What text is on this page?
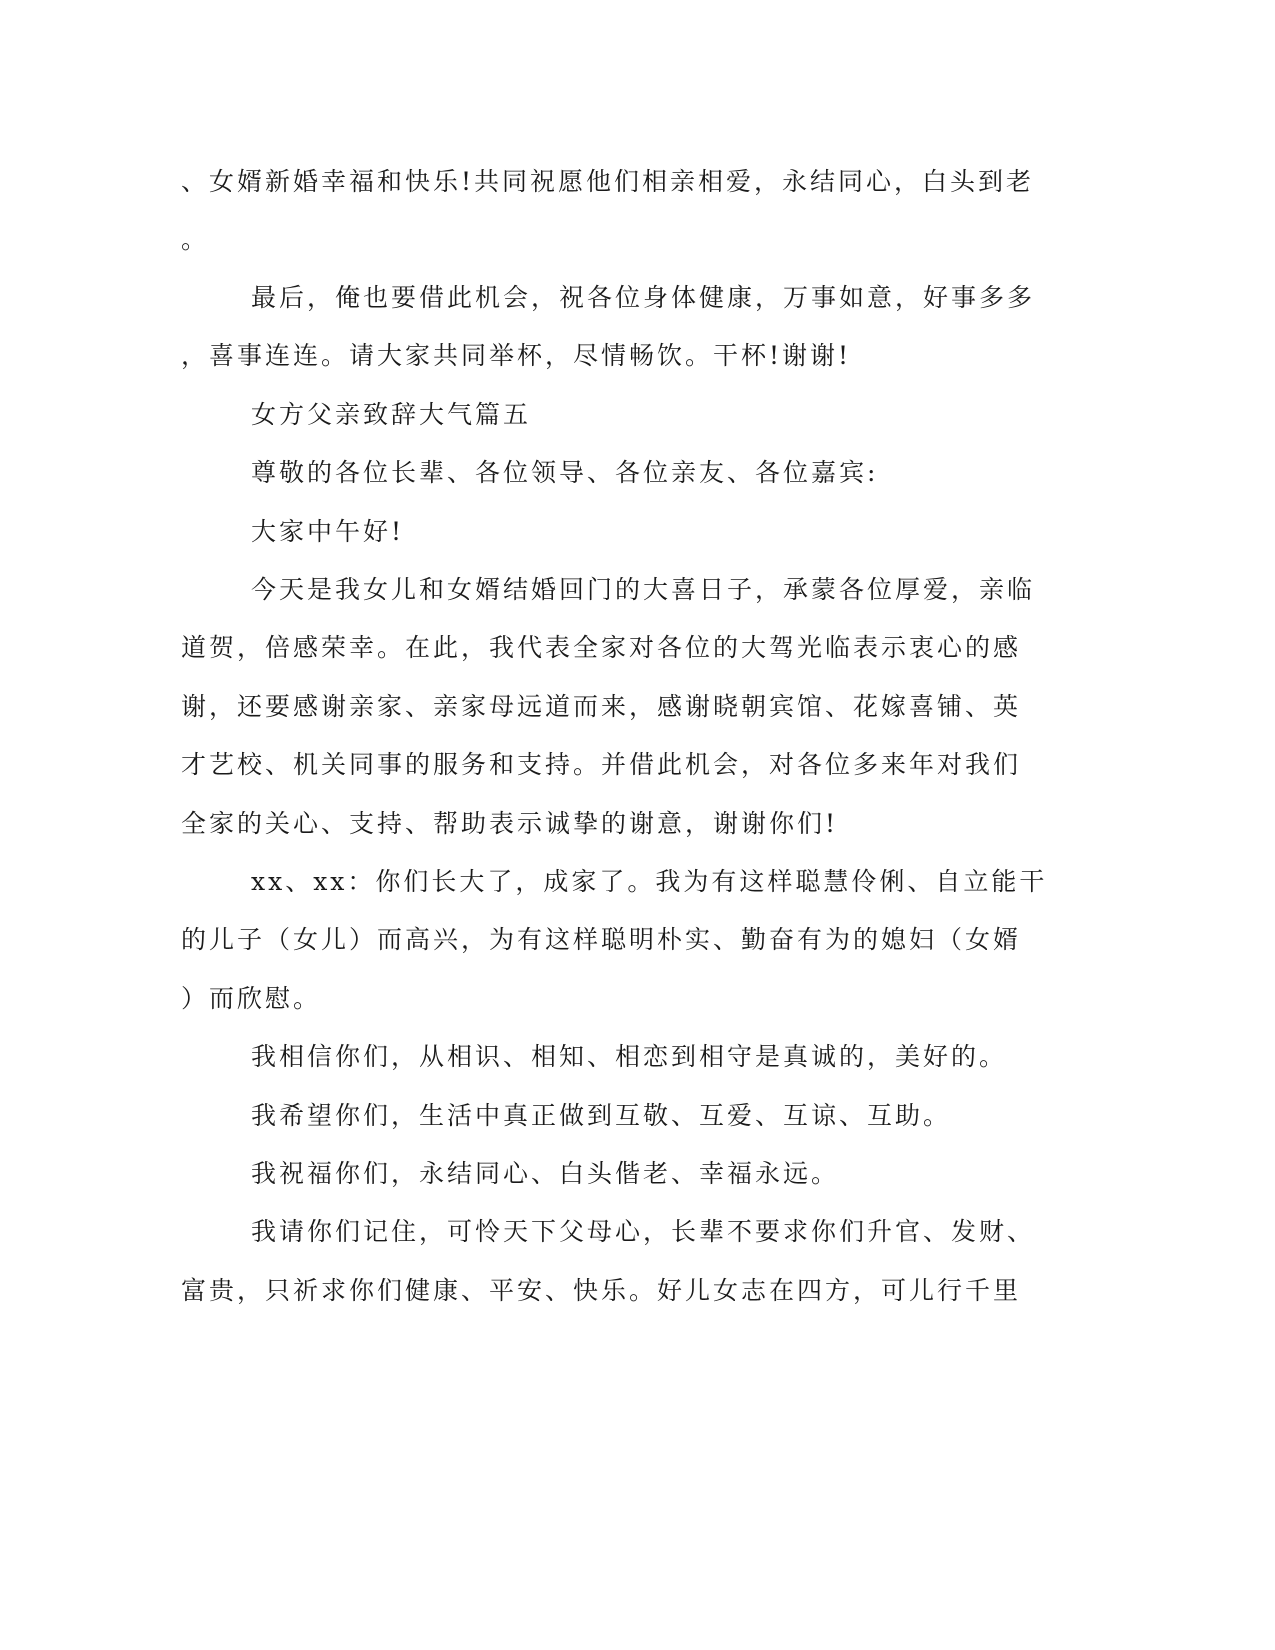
、女婿新婚幸福和快乐!共同祝愿他们相亲相爱，永结同心，白头到老
。
最后，俺也要借此机会，祝各位身体健康，万事如意，好事多多
，喜事连连。请大家共同举杯，尽情畅饮。干杯!谢谢!
女方父亲致辞大气篇五
尊敬的各位长辈、各位领导、各位亲友、各位嘉宾:
大家中午好!
今天是我女儿和女婿结婚回门的大喜日子，承蒙各位厚爱，亲临
道贺，倍感荣幸。在此，我代表全家对各位的大驾光临表示衷心的感
谢，还要感谢亲家、亲家母远道而来，感谢晓朝宾馆、花嫁喜铺、英
才艺校、机关同事的服务和支持。并借此机会，对各位多来年对我们
全家的关心、支持、帮助表示诚挚的谢意，谢谢你们!
xx、xx：你们长大了，成家了。我为有这样聪慧伶俐、自立能干
的儿子（女儿）而高兴，为有这样聪明朴实、勤奋有为的媳妇（女婿
）而欣慰。
我相信你们，从相识、相知、相恋到相守是真诚的，美好的。
我希望你们，生活中真正做到互敬、互爱、互谅、互助。
我祝福你们，永结同心、白头偕老、幸福永远。
我请你们记住，可怜天下父母心，长辈不要求你们升官、发财、
富贵，只祈求你们健康、平安、快乐。好儿女志在四方，可儿行千里
